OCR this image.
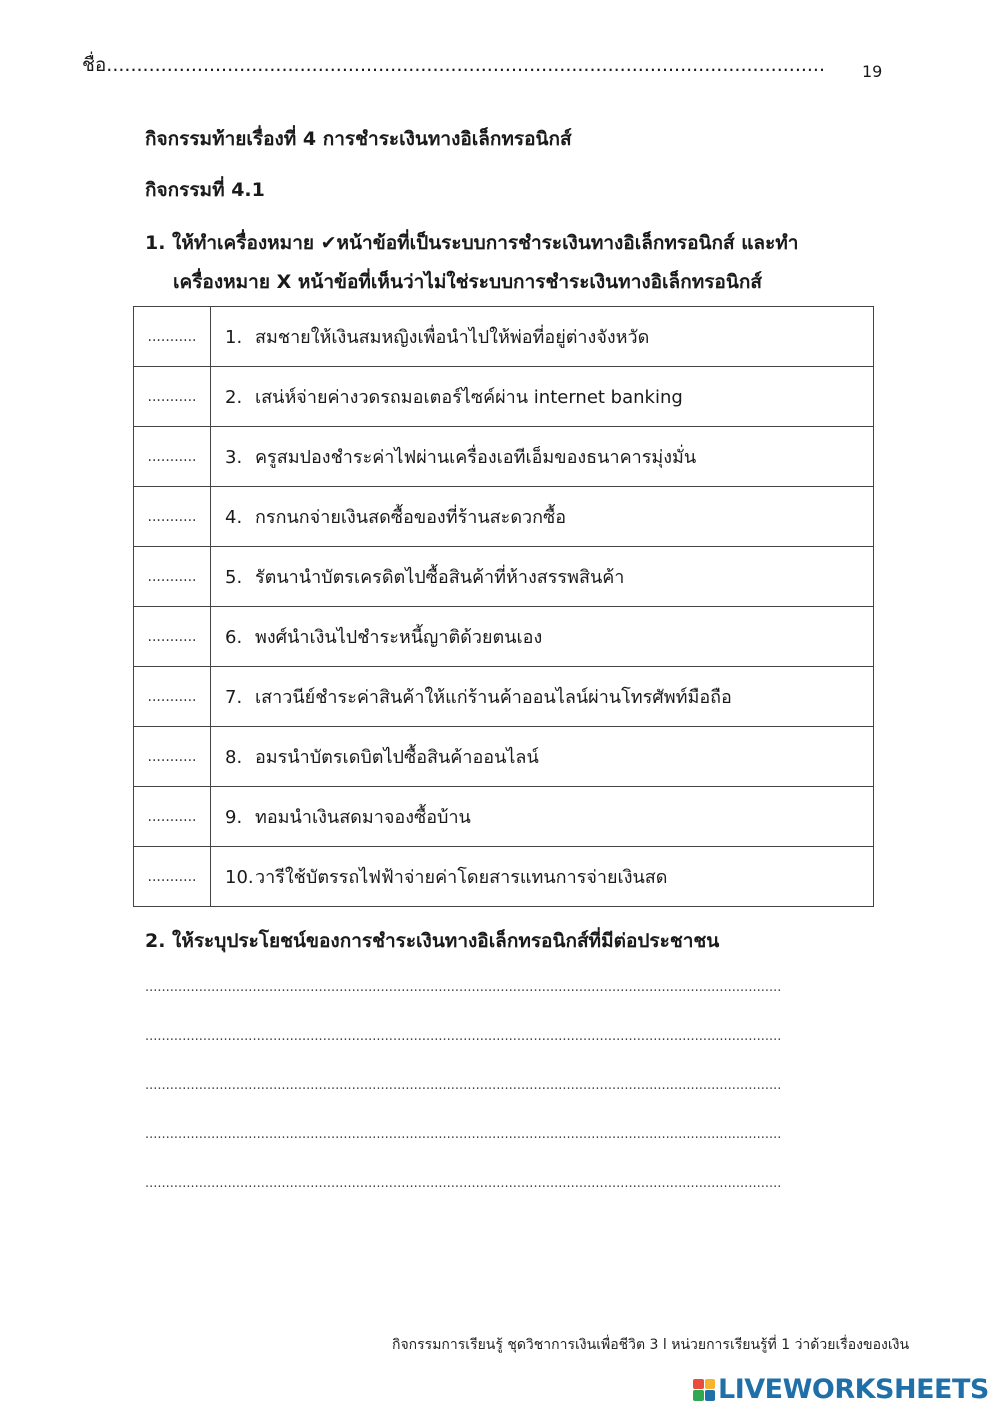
ชื่อ....................................................................................................................... 19
กิจกรรมท้ายเรื่องที่ 4 การชำระเงินทางอิเล็กทรอนิกส์
กิจกรรมที่ 4.1
1. ให้ทำเครื่องหมาย ✔หน้าข้อที่เป็นระบบการชำระเงินทางอิเล็กทรอนิกส์ และทำ
เครื่องหมาย X หน้าข้อที่เห็นว่าไม่ใช่ระบบการชำระเงินทางอิเล็กทรอนิกส์
...........	1. สมชายให้เงินสมหญิงเพื่อนำไปให้พ่อที่อยู่ต่างจังหวัด
...........	2. เสน่ห์จ่ายค่างวดรถมอเตอร์ไซค์ผ่าน internet banking
...........	3. ครูสมปองชำระค่าไฟผ่านเครื่องเอทีเอ็มของธนาคารมุ่งมั่น
...........	4. กรกนกจ่ายเงินสดซื้อของที่ร้านสะดวกซื้อ
...........	5. รัตนานำบัตรเครดิตไปซื้อสินค้าที่ห้างสรรพสินค้า
...........	6. พงศ์นำเงินไปชำระหนี้ญาติด้วยตนเอง
...........	7. เสาวนีย์ชำระค่าสินค้าให้แก่ร้านค้าออนไลน์ผ่านโทรศัพท์มือถือ
...........	8. อมรนำบัตรเดบิตไปซื้อสินค้าออนไลน์
...........	9. ทอมนำเงินสดมาจองซื้อบ้าน
...........	10.วารีใช้บัตรรถไฟฟ้าจ่ายค่าโดยสารแทนการจ่ายเงินสด
2. ให้ระบุประโยชน์ของการชำระเงินทางอิเล็กทรอนิกส์ที่มีต่อประชาชน
..........................................................................................................................................................
..........................................................................................................................................................
..........................................................................................................................................................
..........................................................................................................................................................
..........................................................................................................................................................
กิจกรรมการเรียนรู้ ชุดวิชาการเงินเพื่อชีวิต 3 l หน่วยการเรียนรู้ที่ 1 ว่าด้วยเรื่องของเงิน
LIVEWORKSHEETS
